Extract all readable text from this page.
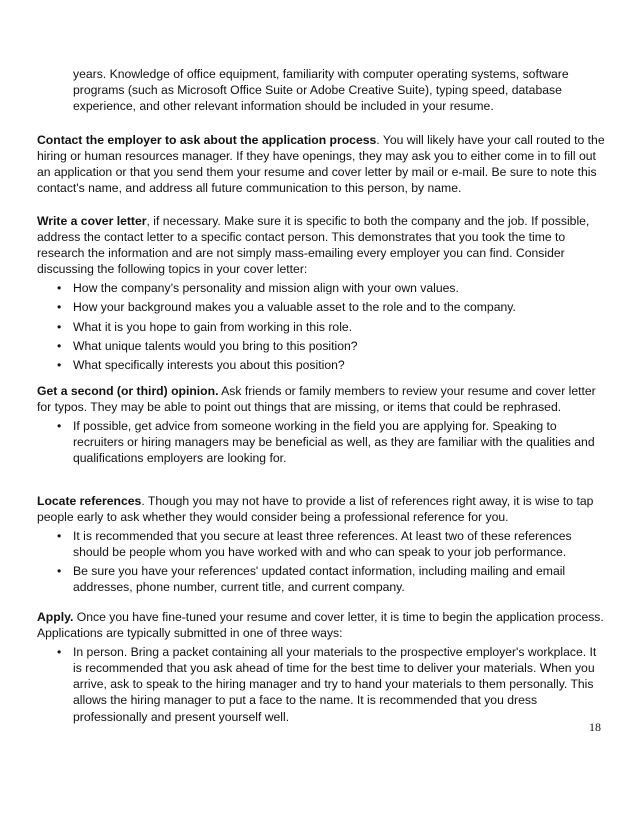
years. Knowledge of office equipment, familiarity with computer operating systems, software programs (such as Microsoft Office Suite or Adobe Creative Suite), typing speed, database experience, and other relevant information should be included in your resume.

Contact the employer to ask about the application process. You will likely have your call routed to the hiring or human resources manager. If they have openings, they may ask you to either come in to fill out an application or that you send them your resume and cover letter by mail or e-mail. Be sure to note this contact's name, and address all future communication to this person, by name.

Write a cover letter, if necessary. Make sure it is specific to both the company and the job. If possible, address the contact letter to a specific contact person. This demonstrates that you took the time to research the information and are not simply mass-emailing every employer you can find. Consider discussing the following topics in your cover letter:

• How the company’s personality and mission align with your own values.
• How your background makes you a valuable asset to the role and to the company.
• What it is you hope to gain from working in this role.
• What unique talents would you bring to this position?
• What specifically interests you about this position?

Get a second (or third) opinion. Ask friends or family members to review your resume and cover letter for typos. They may be able to point out things that are missing, or items that could be rephrased.

• If possible, get advice from someone working in the field you are applying for. Speaking to recruiters or hiring managers may be beneficial as well, as they are familiar with the qualities and qualifications employers are looking for.

Locate references. Though you may not have to provide a list of references right away, it is wise to tap people early to ask whether they would consider being a professional reference for you.

• It is recommended that you secure at least three references. At least two of these references should be people whom you have worked with and who can speak to your job performance.
• Be sure you have your references' updated contact information, including mailing and email addresses, phone number, current title, and current company.

Apply. Once you have fine-tuned your resume and cover letter, it is time to begin the application process. Applications are typically submitted in one of three ways:

• In person. Bring a packet containing all your materials to the prospective employer's workplace. It is recommended that you ask ahead of time for the best time to deliver your materials. When you arrive, ask to speak to the hiring manager and try to hand your materials to them personally. This allows the hiring manager to put a face to the name. It is recommended that you dress professionally and present yourself well.
18
